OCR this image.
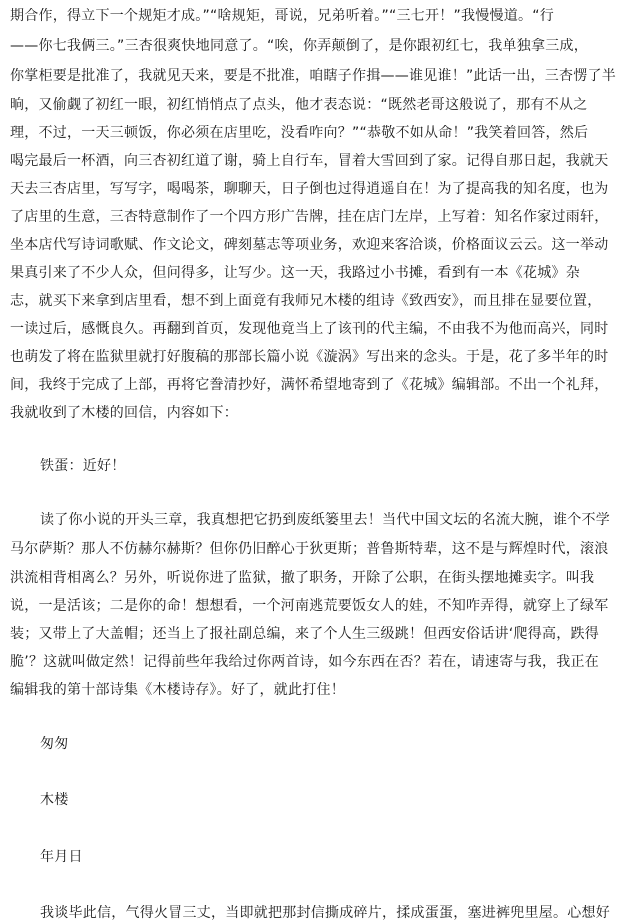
期合作，得立下一个规矩才成。”“啥规矩，哥说，兄弟听着。”“三七开！”我慢慢道。“行
——你七我俩三。”三杏很爽快地同意了。“唉，你弄颠倒了，是你跟初红七，我单独拿三成，
你掌柜要是批准了，我就见天来，要是不批准，咱瞎子作揖——谁见谁！”此话一出，三杏愣了半
晌，又偷觑了初红一眼，初红悄悄点了点头，他才表态说：“既然老哥这般说了，那有不从之
理，不过，一天三顿饭，你必须在店里吃，没看咋向？”“恭敬不如从命！”我笑着回答，然后
喝完最后一杯酒，向三杏初红道了谢，骑上自行车，冒着大雪回到了家。记得自那日起，我就天
天去三杏店里，写写字，喝喝茶，聊聊天，日子倒也过得逍遥自在！为了提高我的知名度，也为
了店里的生意，三杏特意制作了一个四方形广告牌，挂在店门左岸，上写着：知名作家过雨轩，
坐本店代写诗词歌赋、作文论文，碑刻墓志等项业务，欢迎来客洽谈，价格面议云云。这一举动
果真引来了不少人众，但问得多，让写少。这一天，我路过小书摊，看到有一本《花城》杂
志，就买下来拿到店里看，想不到上面竟有我师兄木楼的组诗《致西安》，而且排在显要位置，
一读过后，感慨良久。再翻到首页，发现他竟当上了该刊的代主编，不由我不为他而高兴，同时
也萌发了将在监狱里就打好腹稿的那部长篇小说《漩涡》写出来的念头。于是，花了多半年的时
间，我终于完成了上部，再将它誊清抄好，满怀希望地寄到了《花城》编辑部。不出一个礼拜，
我就收到了木楼的回信，内容如下：
铁蛋：近好！
读了你小说的开头三章，我真想把它扔到废纸篓里去！当代中国文坛的名流大腕，谁个不学
马尔萨斯？那人不仿赫尔赫斯？但你仍旧醉心于狄更斯；普鲁斯特辈，这不是与辉煌时代，滚浪
洪流相背相离么？另外，听说你进了监狱，撤了职务，开除了公职，在街头摆地摊卖字。叫我
说，一是活该；二是你的命！想想看，一个河南逃荒要饭女人的娃，不知咋弄得，就穿上了绿军
装；又带上了大盖帽；还当上了报社副总编，来了个人生三级跳！但西安俗话讲‘爬得高，跌得
脆’？这就叫做定然！记得前些年我给过你两首诗，如今东西在否？若在，请速寄与我，我正在
编辑我的第十部诗集《木楼诗存》。好了，就此打住！
匆匆
木楼
年月日
我谈毕此信，气得火冒三丈，当即就把那封信撕成碎片，揉成蛋蛋，塞进裤兜里屋。心想好
